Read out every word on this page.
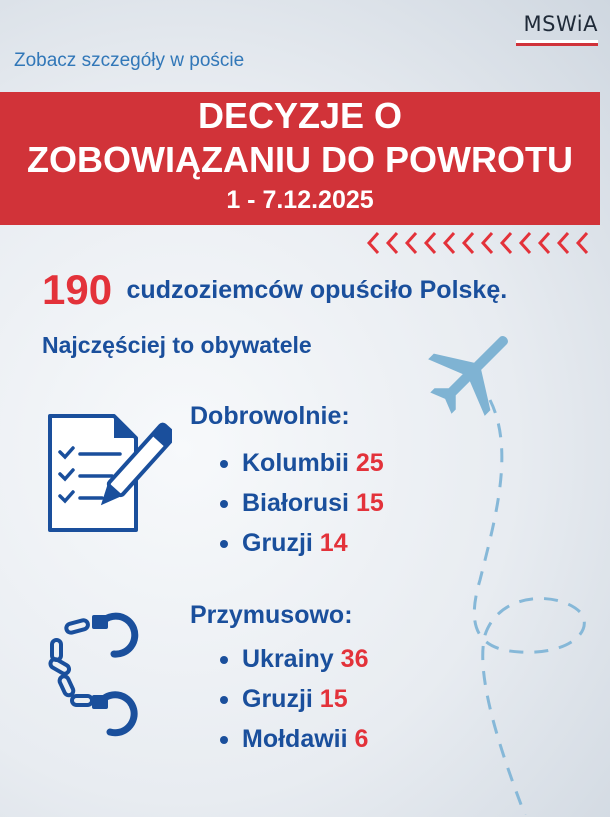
MSWiA
Zobacz szczegóły w poście
DECYZJE O
ZOBOWIĄZANIU DO POWROTU
1 - 7.12.2025
190 cudzoziemców opuściło Polskę.
Najczęściej to obywatele
Dobrowolnie:
Kolumbii 25
Białorusi 15
Gruzji 14
Przymusowo:
Ukrainy 36
Gruzji 15
Mołdawii 6
